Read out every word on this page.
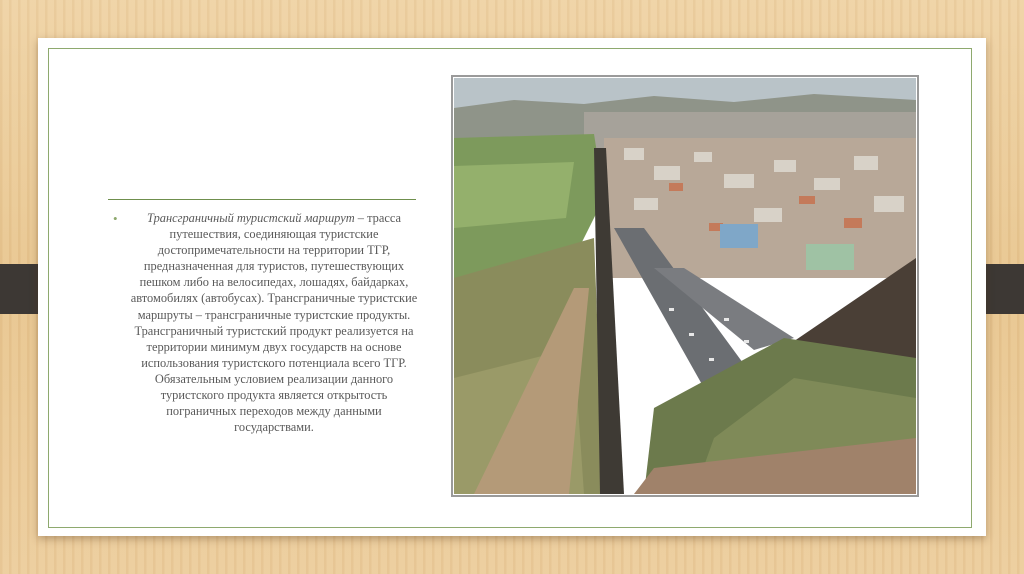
•	Трансграничный туристский маршрут – трасса путешествия, соединяющая туристские достопримечательности на территории ТГР, предназначенная для туристов, путешествующих пешком либо на велосипедах, лошадях, байдарках, автомобилях (автобусах). Трансграничные туристские маршруты – трансграничные туристские продукты. Трансграничный туристский продукт реализуется на территории минимум двух государств на основе использования туристского потенциала всего ТГР. Обязательным условием реализации данного туристского продукта является открытость пограничных переходов между данными государствами.
